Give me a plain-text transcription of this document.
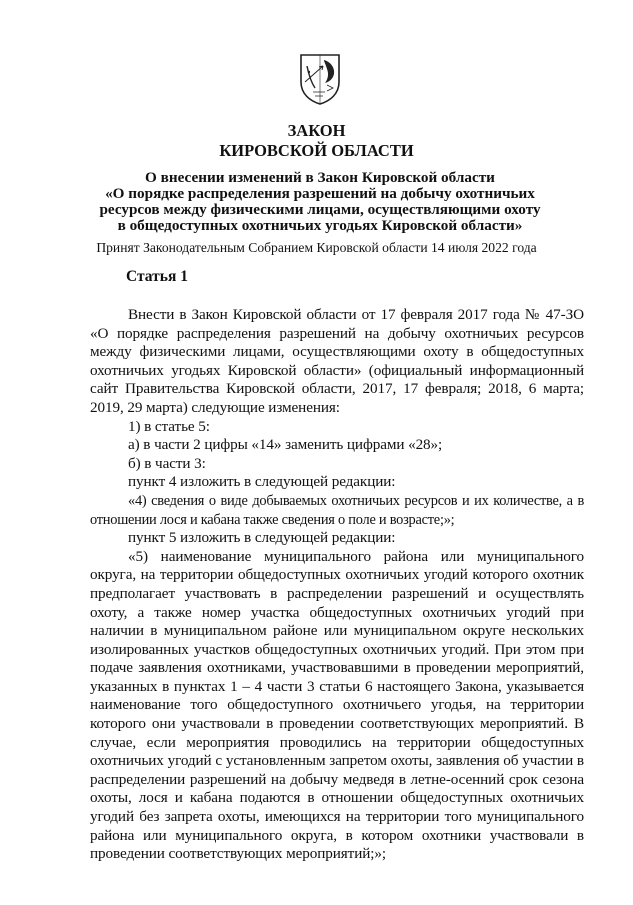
ЗАКОН
КИРОВСКОЙ ОБЛАСТИ
О внесении изменений в Закон Кировской области
«О порядке распределения разрешений на добычу охотничьих
ресурсов между физическими лицами, осуществляющими охоту
в общедоступных охотничьих угодьях Кировской области»
Принят Законодательным Собранием Кировской области 14 июля 2022 года
Статья 1

Внести в Закон Кировской области от 17 февраля 2017 года № 47-ЗО «О порядке распределения разрешений на добычу охотничьих ресурсов между физическими лицами, осуществляющими охоту в общедоступных охотничьих угодьях Кировской области» (официальный информационный сайт Правительства Кировской области, 2017, 17 февраля; 2018, 6 марта; 2019, 29 марта) следующие изменения:

1) в статье 5:

а) в части 2 цифры «14» заменить цифрами «28»;

б) в части 3:

пункт 4 изложить в следующей редакции:

«4) сведения о виде добываемых охотничьих ресурсов и их количестве, а в отношении лося и кабана также сведения о поле и возрасте;»;

пункт 5 изложить в следующей редакции:

«5) наименование муниципального района или муниципального округа, на территории общедоступных охотничьих угодий которого охотник предполагает участвовать в распределении разрешений и осуществлять охоту, а также номер участка общедоступных охотничьих угодий при наличии в муниципальном районе или муниципальном округе нескольких изолированных участков общедоступных охотничьих угодий. При этом при подаче заявления охотниками, участвовавшими в проведении мероприятий, указанных в пунктах 1 – 4 части 3 статьи 6 настоящего Закона, указывается наименование того общедоступного охотничьего угодья, на территории которого они участвовали в проведении соответствующих мероприятий. В случае, если мероприятия проводились на территории общедоступных охотничьих угодий с установленным запретом охоты, заявления об участии в распределении разрешений на добычу медведя в летне-осенний срок сезона охоты, лося и кабана подаются в отношении общедоступных охотничьих угодий без запрета охоты, имеющихся на территории того муниципального района или муниципального округа, в котором охотники участвовали в проведении соответствующих мероприятий;»;
